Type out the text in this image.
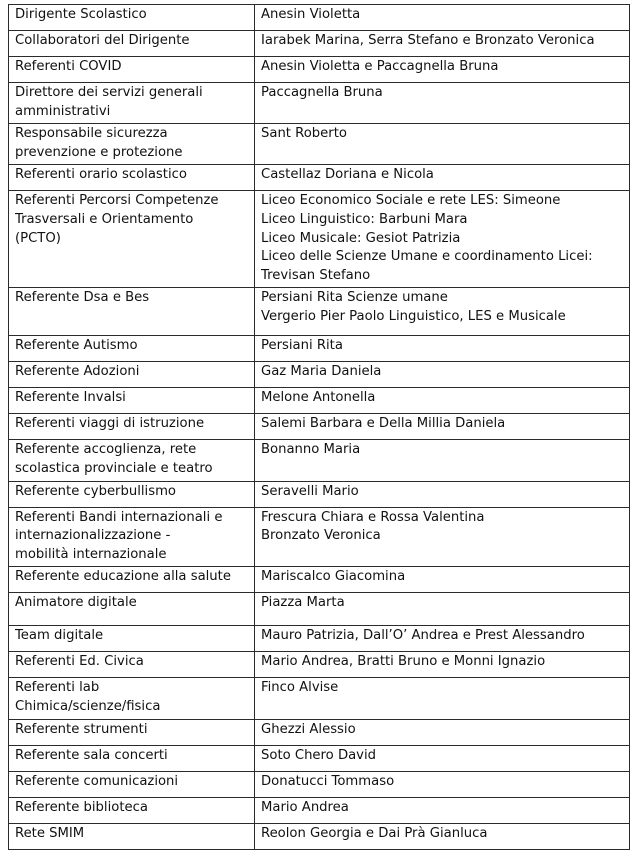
Dirigente Scolastico	Anesin Violetta
Collaboratori del Dirigente	Iarabek Marina, Serra Stefano e Bronzato Veronica
Referenti COVID	Anesin Violetta e Paccagnella Bruna
Direttore dei servizi generali
amministrativi	Paccagnella Bruna
Responsabile sicurezza
prevenzione e protezione	Sant Roberto
Referenti orario scolastico	Castellaz Doriana e Nicola
Referenti Percorsi Competenze
Trasversali e Orientamento
(PCTO)	Liceo Economico Sociale e rete LES: Simeone
Liceo Linguistico: Barbuni Mara
Liceo Musicale: Gesiot Patrizia
Liceo delle Scienze Umane e coordinamento Licei:
Trevisan Stefano
Referente Dsa e Bes	Persiani Rita Scienze umane
Vergerio Pier Paolo Linguistico, LES e Musicale
Referente Autismo	Persiani Rita
Referente Adozioni	Gaz Maria Daniela
Referente Invalsi	Melone Antonella
Referenti viaggi di istruzione	Salemi Barbara e Della Millia Daniela
Referente accoglienza, rete
scolastica provinciale e teatro	Bonanno Maria
Referente cyberbullismo	Seravelli Mario
Referenti Bandi internazionali e
internazionalizzazione -
mobilità internazionale	Frescura Chiara e Rossa Valentina
Bronzato Veronica
Referente educazione alla salute	Mariscalco Giacomina
Animatore digitale	Piazza Marta
Team digitale	Mauro Patrizia, Dall’O’ Andrea e Prest Alessandro
Referenti Ed. Civica	Mario Andrea, Bratti Bruno e Monni Ignazio
Referenti lab
Chimica/scienze/fisica	Finco Alvise
Referente strumenti	Ghezzi Alessio
Referente sala concerti	Soto Chero David
Referente comunicazioni	Donatucci Tommaso
Referente biblioteca	Mario Andrea
Rete SMIM	Reolon Georgia e Dai Prà Gianluca
